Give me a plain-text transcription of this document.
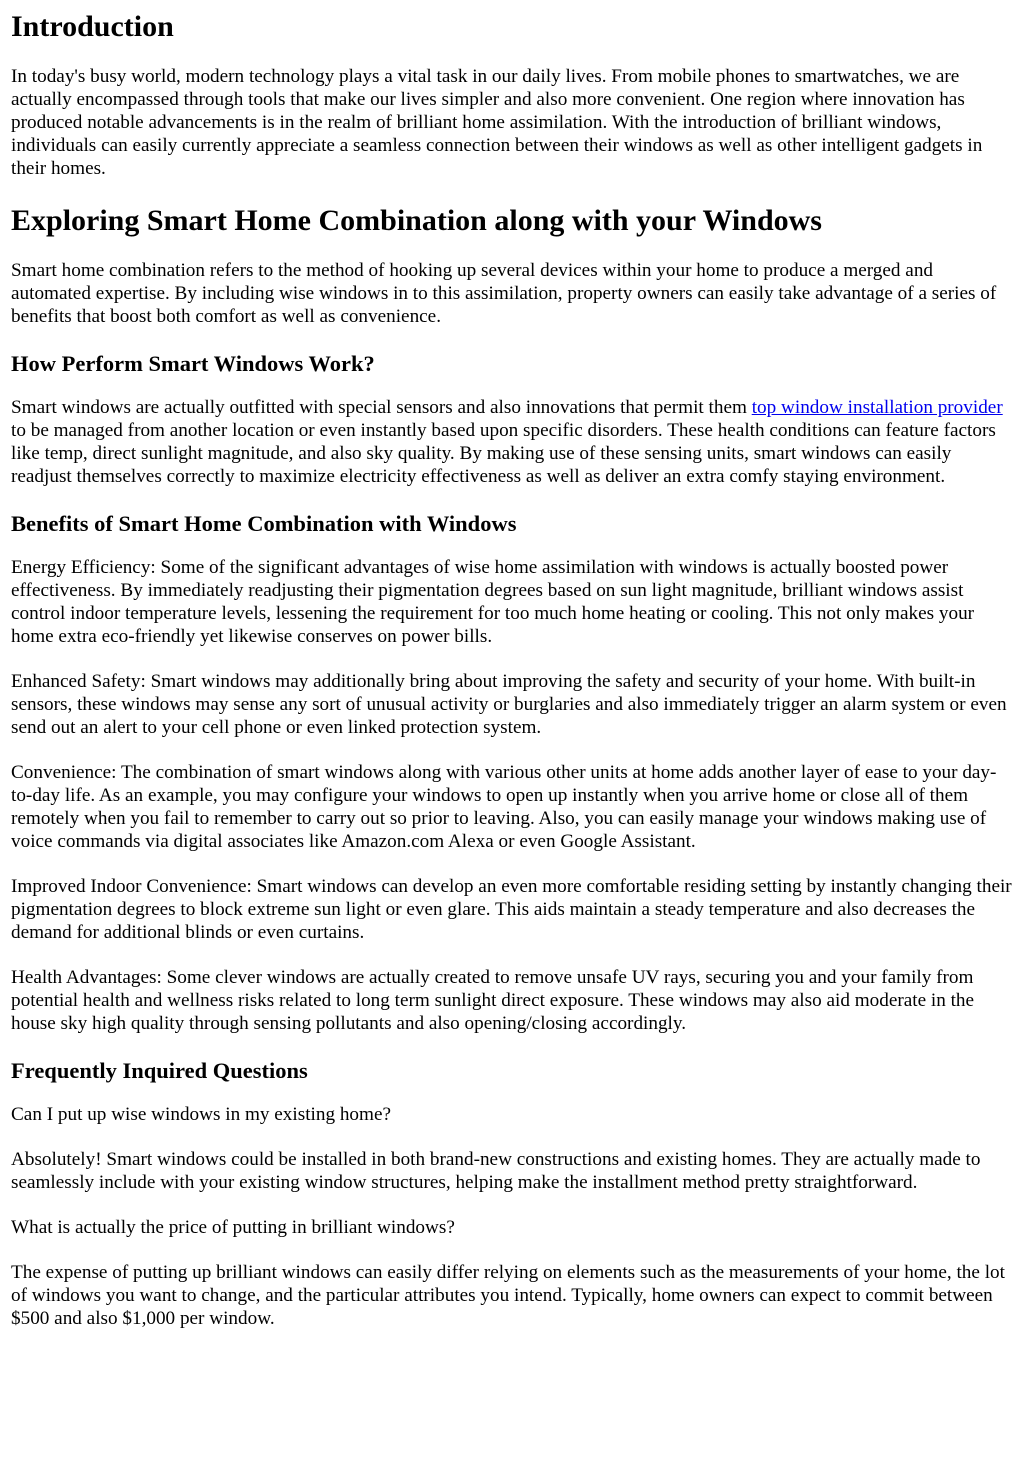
Introduction

In today's busy world, modern technology plays a vital task in our daily lives. From mobile phones to smartwatches, we are actually encompassed through tools that make our lives simpler and also more convenient. One region where innovation has produced notable advancements is in the realm of brilliant home assimilation. With the introduction of brilliant windows, individuals can easily currently appreciate a seamless connection between their windows as well as other intelligent gadgets in their homes.

Exploring Smart Home Combination along with your Windows

Smart home combination refers to the method of hooking up several devices within your home to produce a merged and automated expertise. By including wise windows in to this assimilation, property owners can easily take advantage of a series of benefits that boost both comfort as well as convenience.

How Perform Smart Windows Work?

Smart windows are actually outfitted with special sensors and also innovations that permit them top window installation provider to be managed from another location or even instantly based upon specific disorders. These health conditions can feature factors like temp, direct sunlight magnitude, and also sky quality. By making use of these sensing units, smart windows can easily readjust themselves correctly to maximize electricity effectiveness as well as deliver an extra comfy staying environment.

Benefits of Smart Home Combination with Windows

Energy Efficiency: Some of the significant advantages of wise home assimilation with windows is actually boosted power effectiveness. By immediately readjusting their pigmentation degrees based on sun light magnitude, brilliant windows assist control indoor temperature levels, lessening the requirement for too much home heating or cooling. This not only makes your home extra eco-friendly yet likewise conserves on power bills.

Enhanced Safety: Smart windows may additionally bring about improving the safety and security of your home. With built-in sensors, these windows may sense any sort of unusual activity or burglaries and also immediately trigger an alarm system or even send out an alert to your cell phone or even linked protection system.

Convenience: The combination of smart windows along with various other units at home adds another layer of ease to your day-to-day life. As an example, you may configure your windows to open up instantly when you arrive home or close all of them remotely when you fail to remember to carry out so prior to leaving. Also, you can easily manage your windows making use of voice commands via digital associates like Amazon.com Alexa or even Google Assistant.

Improved Indoor Convenience: Smart windows can develop an even more comfortable residing setting by instantly changing their pigmentation degrees to block extreme sun light or even glare. This aids maintain a steady temperature and also decreases the demand for additional blinds or even curtains.

Health Advantages: Some clever windows are actually created to remove unsafe UV rays, securing you and your family from potential health and wellness risks related to long term sunlight direct exposure. These windows may also aid moderate in the house sky high quality through sensing pollutants and also opening/closing accordingly.

Frequently Inquired Questions

Can I put up wise windows in my existing home?

Absolutely! Smart windows could be installed in both brand-new constructions and existing homes. They are actually made to seamlessly include with your existing window structures, helping make the installment method pretty straightforward.

What is actually the price of putting in brilliant windows?

The expense of putting up brilliant windows can easily differ relying on elements such as the measurements of your home, the lot of windows you want to change, and the particular attributes you intend. Typically, home owners can expect to commit between $500 and also $1,000 per window.
